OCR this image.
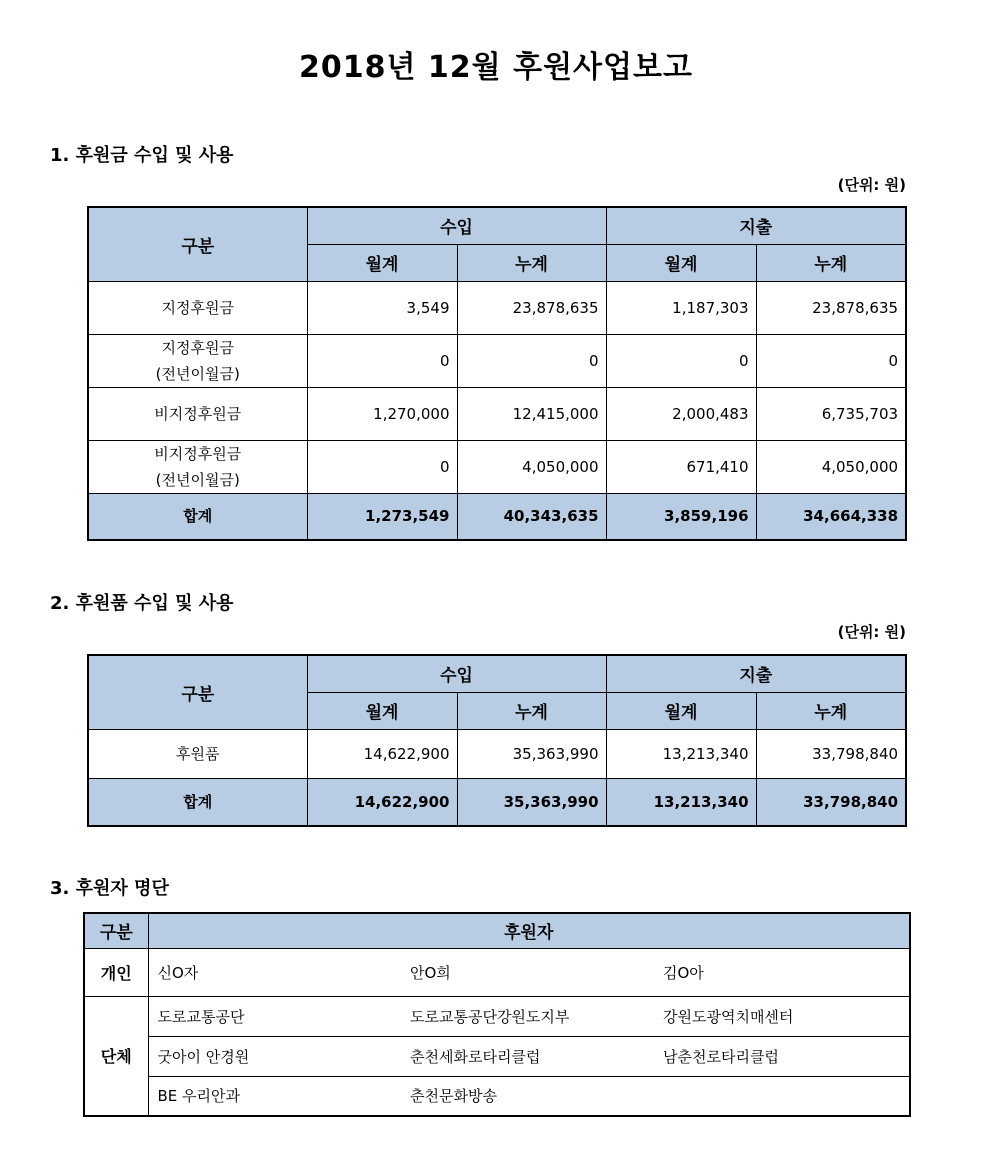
2018년 12월 후원사업보고
1. 후원금 수입 및 사용
(단위: 원)
구분	수입		지출	
	월계	누계	월계	누계
지정후원금	3,549	23,878,635	1,187,303	23,878,635
지정후원금
(전년이월금)	0	0	0	0
비지정후원금	1,270,000	12,415,000	2,000,483	6,735,703
비지정후원금
(전년이월금)	0	4,050,000	671,410	4,050,000
합계	1,273,549	40,343,635	3,859,196	34,664,338
2. 후원품 수입 및 사용
(단위: 원)
구분	수입		지출	
	월계	누계	월계	누계
후원품	14,622,900	35,363,990	13,213,340	33,798,840
합계	14,622,900	35,363,990	13,213,340	33,798,840
3. 후원자 명단
구분	후원자		
개인	신O자	안O희	김O아
단체	도로교통공단	도로교통공단강원도지부	강원도광역치매센터
	굿아이 안경원	춘천세화로타리클럽	남춘천로타리클럽
	BE 우리안과	춘천문화방송	
